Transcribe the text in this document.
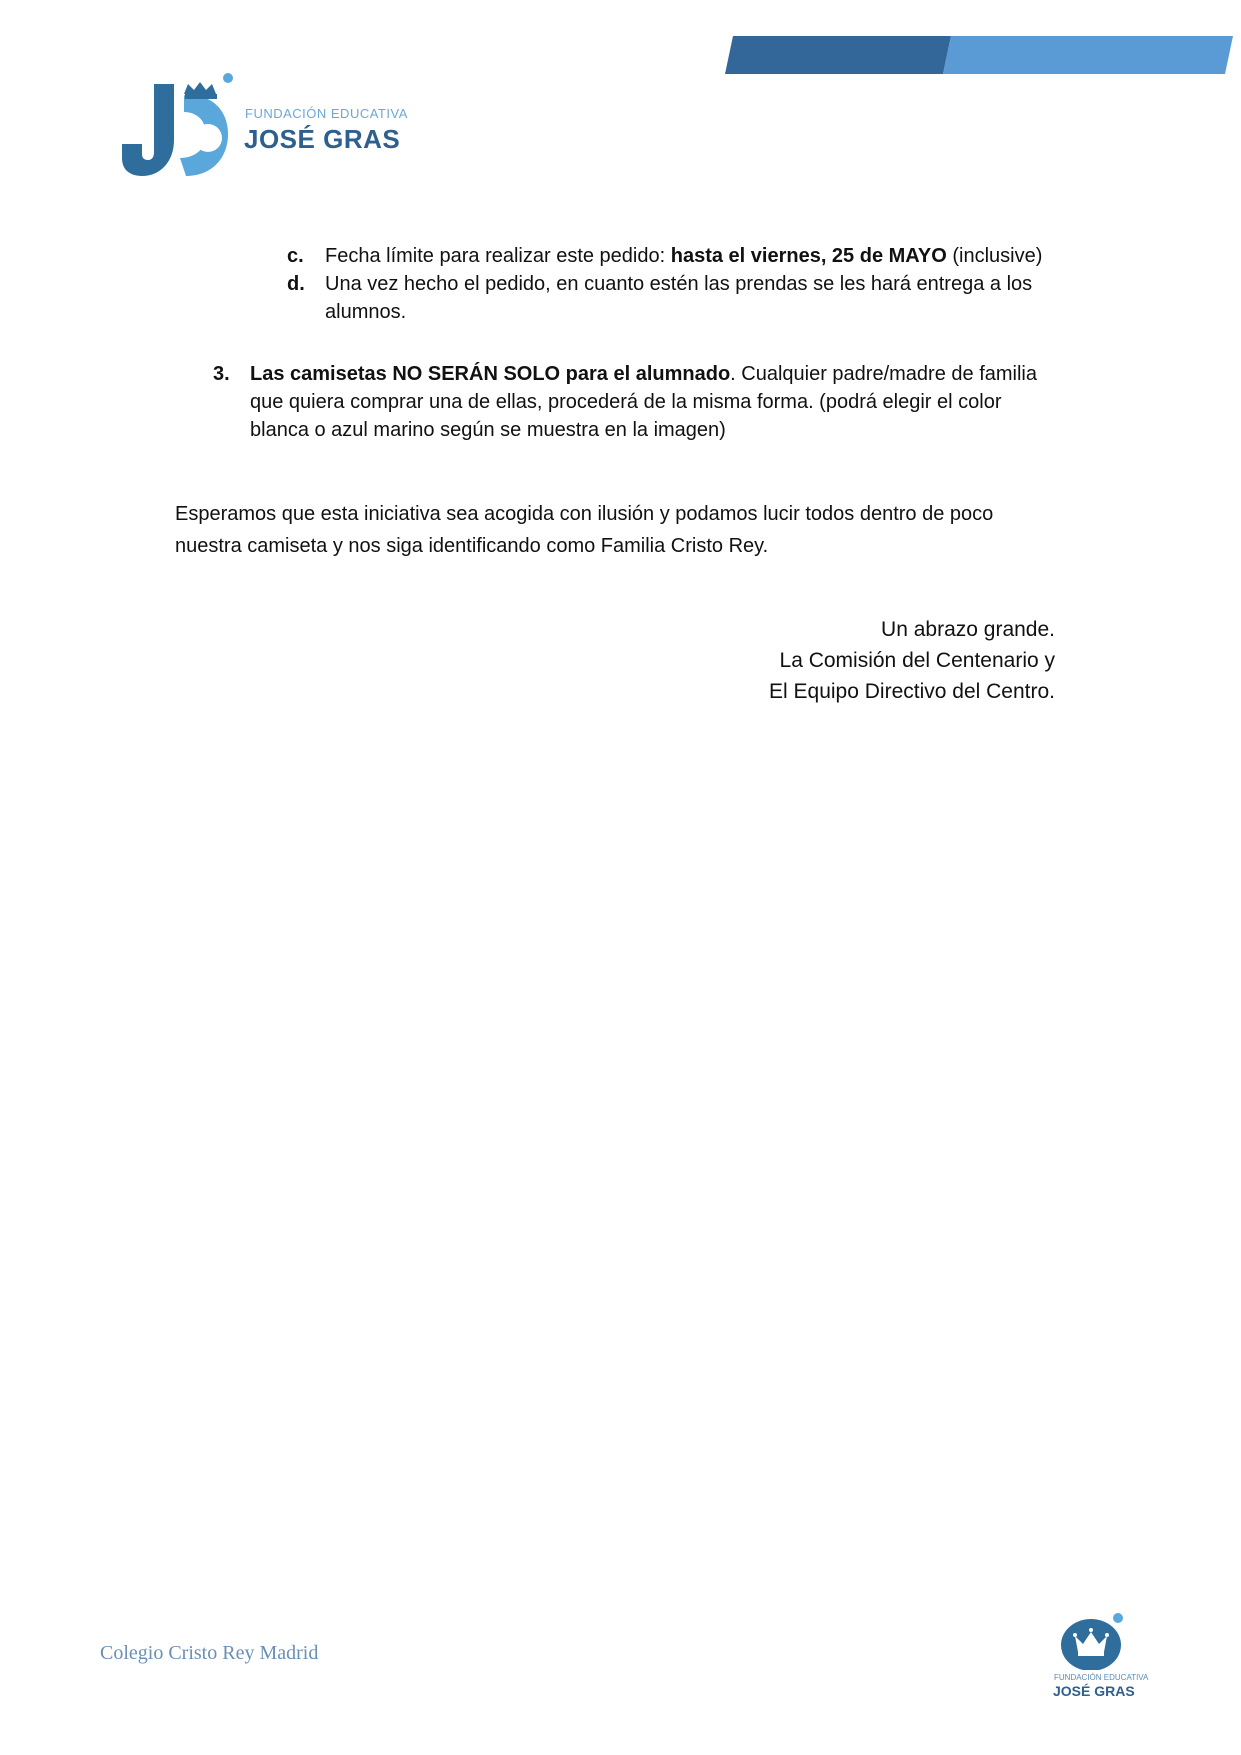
FUNDACIÓN EDUCATIVA
JOSÉ GRAS
c. Fecha límite para realizar este pedido: hasta el viernes, 25 de MAYO (inclusive)
d. Una vez hecho el pedido, en cuanto estén las prendas se les hará entrega a los
alumnos.
3. Las camisetas NO SERÁN SOLO para el alumnado. Cualquier padre/madre de familia
que quiera comprar una de ellas, procederá de la misma forma. (podrá elegir el color
blanca o azul marino según se muestra en la imagen)
Esperamos que esta iniciativa sea acogida con ilusión y podamos lucir todos dentro de poco
nuestra camiseta y nos siga identificando como Familia Cristo Rey.
Un abrazo grande.
La Comisión del Centenario y
El Equipo Directivo del Centro.
Colegio Cristo Rey Madrid
FUNDACIÓN EDUCATIVA
JOSÉ GRAS
